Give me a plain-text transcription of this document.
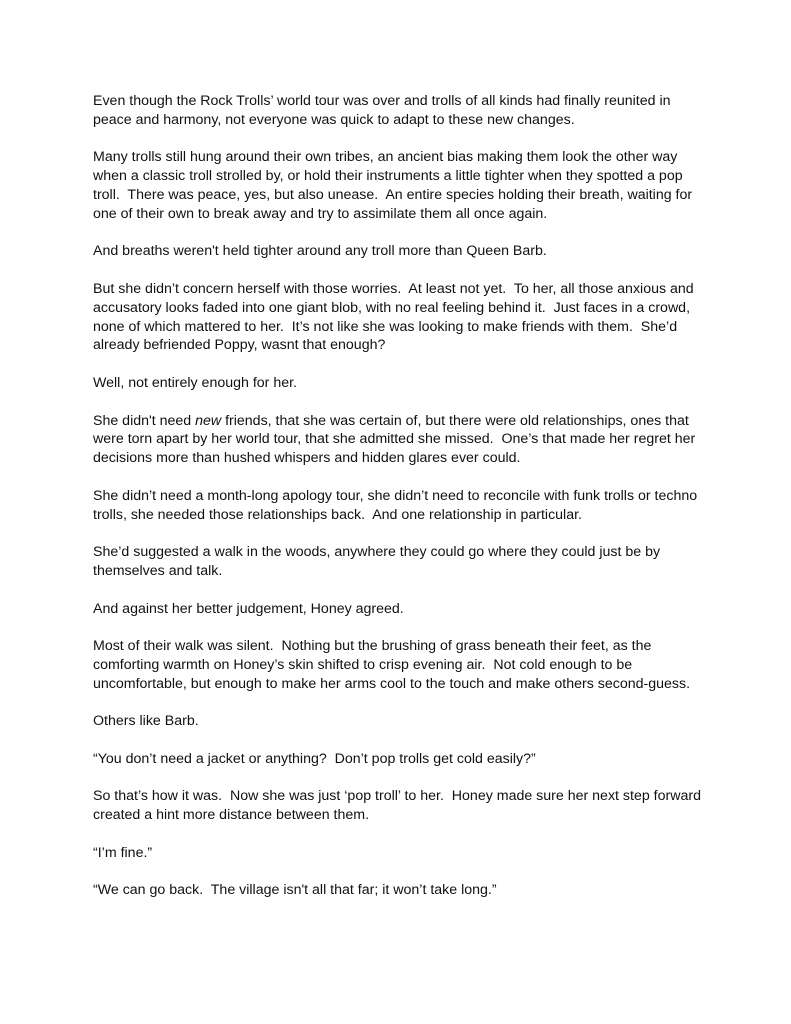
Even though the Rock Trolls’ world tour was over and trolls of all kinds had finally reunited in peace and harmony, not everyone was quick to adapt to these new changes.

Many trolls still hung around their own tribes, an ancient bias making them look the other way when a classic troll strolled by, or hold their instruments a little tighter when they spotted a pop troll.  There was peace, yes, but also unease.  An entire species holding their breath, waiting for one of their own to break away and try to assimilate them all once again.

And breaths weren't held tighter around any troll more than Queen Barb.

But she didn’t concern herself with those worries.  At least not yet.  To her, all those anxious and accusatory looks faded into one giant blob, with no real feeling behind it.  Just faces in a crowd, none of which mattered to her.  It’s not like she was looking to make friends with them.  She’d already befriended Poppy, wasnt that enough?

Well, not entirely enough for her.

She didn't need new friends, that she was certain of, but there were old relationships, ones that were torn apart by her world tour, that she admitted she missed.  One’s that made her regret her decisions more than hushed whispers and hidden glares ever could.

She didn’t need a month-long apology tour, she didn’t need to reconcile with funk trolls or techno trolls, she needed those relationships back.  And one relationship in particular.

She’d suggested a walk in the woods, anywhere they could go where they could just be by themselves and talk.

And against her better judgement, Honey agreed.

Most of their walk was silent.  Nothing but the brushing of grass beneath their feet, as the comforting warmth on Honey’s skin shifted to crisp evening air.  Not cold enough to be uncomfortable, but enough to make her arms cool to the touch and make others second-guess.

Others like Barb.

“You don’t need a jacket or anything?  Don’t pop trolls get cold easily?”

So that’s how it was.  Now she was just ‘pop troll’ to her.  Honey made sure her next step forward created a hint more distance between them.

“I’m fine.”

“We can go back.  The village isn't all that far; it won’t take long.”
